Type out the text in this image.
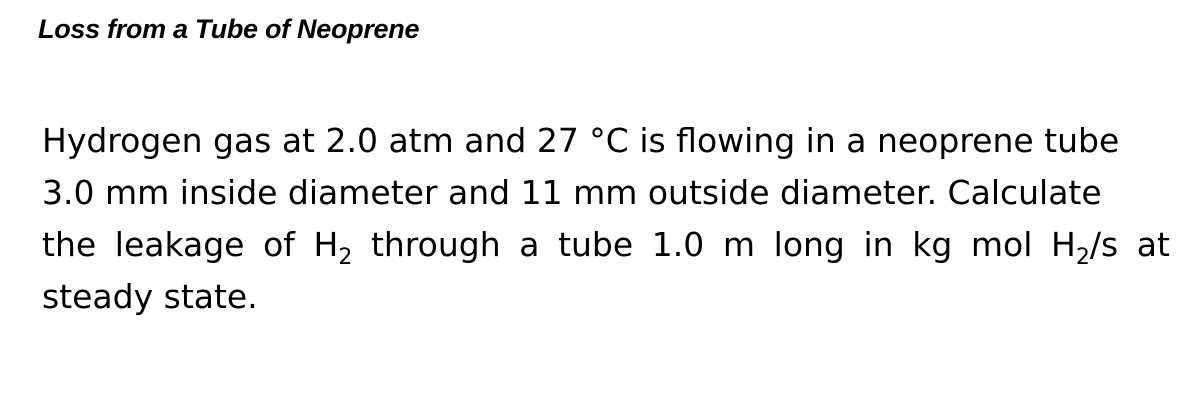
Loss from a Tube of Neoprene
Hydrogen gas at 2.0 atm and 27 °C is flowing in a neoprene tube
3.0 mm inside diameter and 11 mm outside diameter. Calculate
the leakage of $H_2$ through a tube 1.0 m long in kg mol $H_2/s$ at
steady state.
